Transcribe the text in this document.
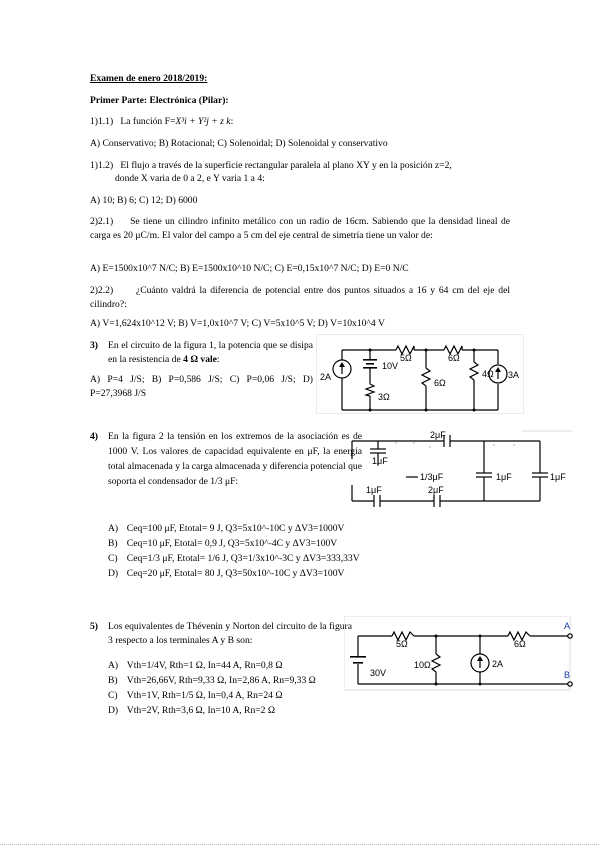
Examen de enero 2018/2019:
Primer Parte: Electrónica (Pilar):
1)1.1) La función F=X³i + Y²j + z k:
A) Conservativo; B) Rotacional; C) Solenoidal; D) Solenoidal y conservativo
1)1.2) El flujo a través de la superficie rectangular paralela al plano XY y en la posición z=2,
donde X varia de 0 a 2, e Y varia 1 a 4:
A) 10; B) 6; C) 12; D) 6000
2)2.1) Se tiene un cilindro infinito metálico con un radio de 16cm. Sabiendo que la densidad lineal de carga es 20 μC/m. El valor del campo a 5 cm del eje central de simetría tiene un valor de:
A) E=1500x10^7 N/C; B) E=1500x10^10 N/C; C) E=0,15x10^7 N/C; D) E=0 N/C
2)2.2) ¿Cuánto valdrá la diferencia de potencial entre dos puntos situados a 16 y 64 cm del eje del cilindro?:
A) V=1,624x10^12 V; B) V=1,0x10^7 V; C) V=5x10^5 V; D) V=10x10^4 V
3) En el circuito de la figura 1, la potencia que se disipa en la resistencia de 4 Ω vale:
A) P=4 J/S; B) P=0,586 J/S; C) P=0,06 J/S; D) P=27,3968 J/S
2A
10V
5Ω	6Ω
6Ω
3Ω
4Ω 3A
4) En la figura 2 la tensión en los extremos de la asociación es de 1000 V. Los valores de capacidad equivalente en μF, la energía total almacenada y la carga almacenada y diferencia potencial que soporta el condensador de 1/3 μF:
2μF
1μF
1/3μF	1μF	1μF
1μF	2μF
A) Ceq=100 μF, Etotal= 9 J, Q3=5x10^-10C y ΔV3=1000V
B) Ceq=10 μF, Etotal= 0,9 J, Q3=5x10^-4C y ΔV3=100V
C) Ceq=1/3 μF, Etotal= 1/6 J, Q3=1/3x10^-3C y ΔV3=333,33V
D) Ceq=20 μF, Etotal= 80 J, Q3=50x10^-10C y ΔV3=100V
5) Los equivalentes de Thévenin y Norton del circuito de la figura 3 respecto a los terminales A y B son:
30V
5Ω
10Ω	2A
6Ω
A
B
A) Vth=1/4V, Rth=1 Ω, In=44 A, Rn=0,8 Ω
B) Vth=26,66V, Rth=9,33 Ω, In=2,86 A, Rn=9,33 Ω
C) Vth=1V, Rth=1/5 Ω, In=0,4 A, Rn=24 Ω
D) Vth=2V, Rth=3,6 Ω, In=10 A, Rn=2 Ω
